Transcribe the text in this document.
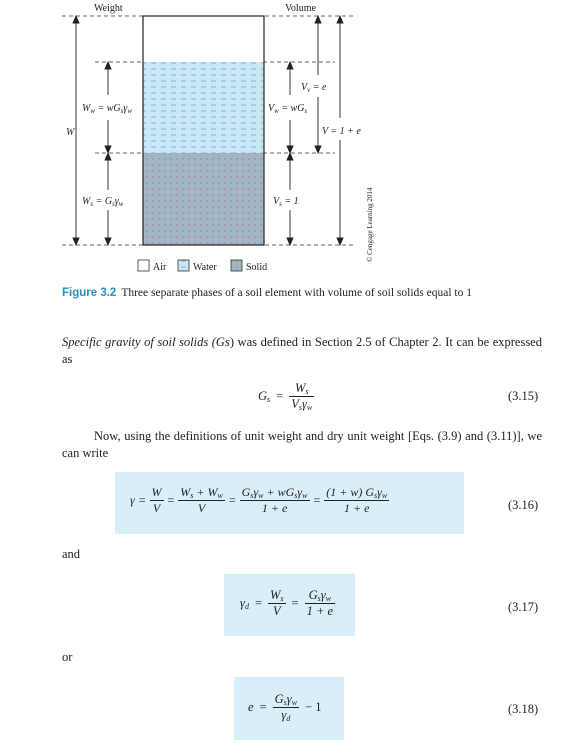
Weight	Volume
W
$W_w = wG_s\gamma_w$
$W_s = G_s\gamma_w$
$V_w = wG_s$
$V_s = 1$
$V_v = e$
V = 1 + e
© Cengage Learning 2014
Air	Water	Solid
Figure 3.2 Three separate phases of a soil element with volume of soil solids equal to 1
Specific gravity of soil solids (Gs) was defined in Section 2.5 of Chapter 2. It can be expressed as
$G_s = \frac{W_s}{V_s\gamma_w}$	(3.15)
Now, using the definitions of unit weight and dry unit weight [Eqs. (3.9) and (3.11)], we can write
$\gamma = \frac{W}{V} = \frac{W_s + W_w}{V} = \frac{G_s\gamma_w + wG_s\gamma_w}{1 + e} = \frac{(1 + w) G_s\gamma_w}{1 + e}$	(3.16)
and
$\gamma_d = \frac{W_s}{V} = \frac{G_s\gamma_w}{1 + e}$	(3.17)
or
$e = \frac{G_s\gamma_w}{\gamma_d} - 1$	(3.18)
